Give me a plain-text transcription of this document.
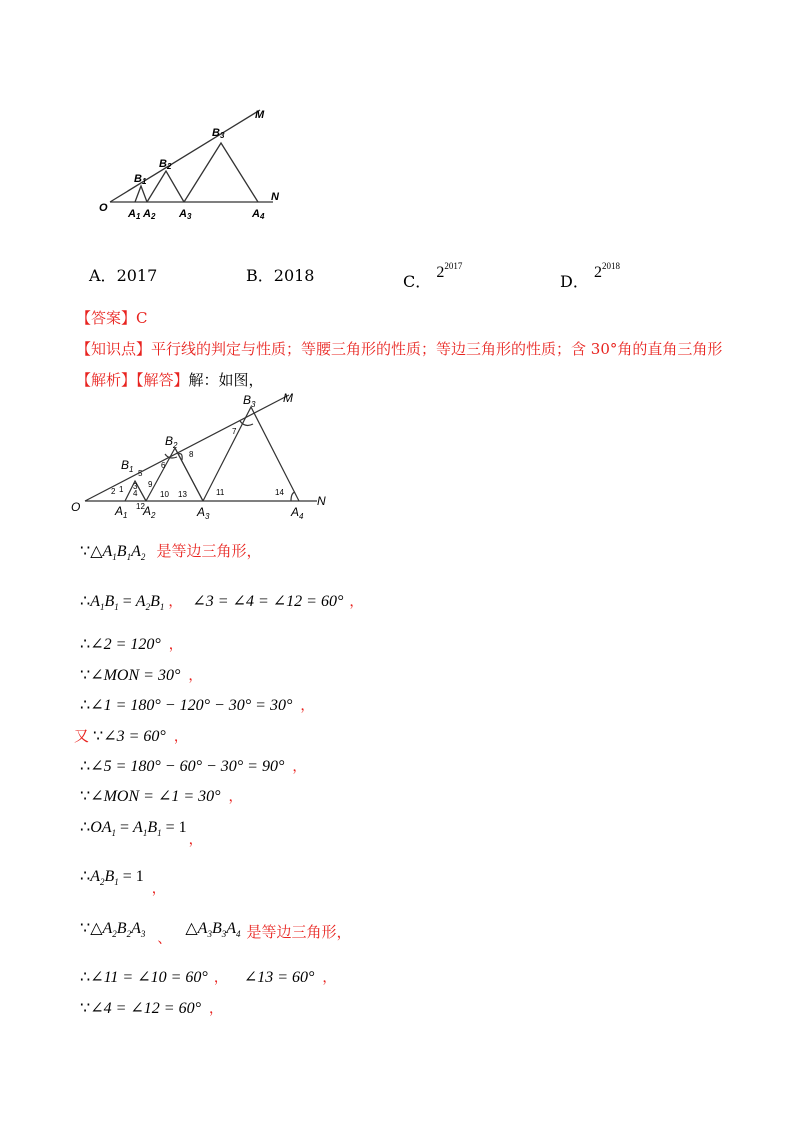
O
M
N
B1
B2
B3
A1 A2 A3	A4
A．2017	B．2018	C． $2^{2017}$
D． $2^{2018}$
【答案】C
【知识点】平行线的判定与性质；等腰三角形的性质；等边三角形的性质；含 30°角的直角三角形
【解析】【解答】解：如图，
O
M
N
$B_1$
$B_2$
$B_3$
$A_1$ $A_2$	$A_3$	$A_4$
1
2
3
4
5
6
7
8
9
10	11
12
13	14
$\because\triangle A_1B_1A_2$ 是等边三角形，
$\therefore A_1B_1 = A_2B_1$ ， ∠3 = ∠4 = ∠12 = 60° ，
∴∠2 = 120° ，
∵∠MON = 30° ，
∴∠1 = 180° − 120° − 30° = 30° ，
又 ∵∠3 = 60° ，
∴∠5 = 180° − 60° − 30° = 90° ，
∵∠MON = ∠1 = 30° ，
$\therefore OA_1 = A_1B_1 = 1$，
$\therefore A_2B_1 = 1$，
$\because\triangle A_2B_2A_3$ 、$\triangle A_3B_3A_4$ 是等边三角形，
∴∠11 = ∠10 = 60° ， ∠13 = 60° ，
∵∠4 = ∠12 = 60° ，
